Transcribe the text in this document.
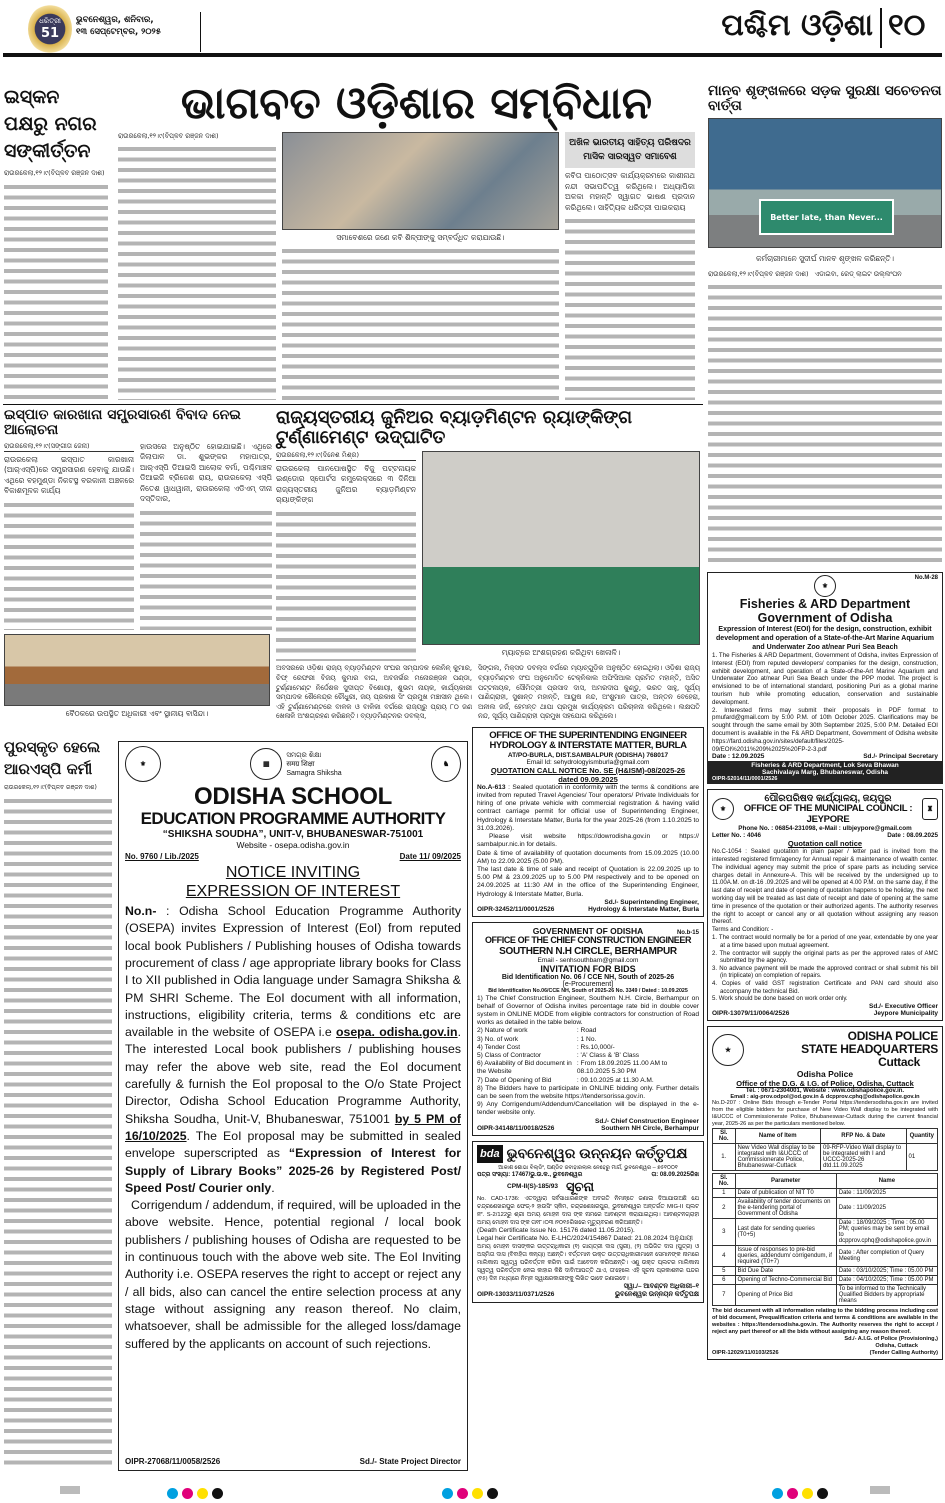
ଧରିତ୍ରୀ
51
ଭୁବନେଶ୍ୱର, ଶନିବାର,
୧୩ ସେପ୍ଟେମ୍ବର, ୨୦୨୫	ପଶ୍ଚିମ ଓଡ଼ିଶା ୧୦
ଇସ୍କନ ପକ୍ଷରୁ ନଗର ସଙ୍କୀର୍ତ୍ତନ
ରାଉରକେଲା,୧୨।୯(ବିପ୍ଳବ ରଞ୍ଜନ ଦାଶ)
ଭାଗବତ ଓଡ଼ିଶାର ସମ୍ବିଧାନ
ରାଉରକେଲା,୧୨।୯(ବିପ୍ଳବ ରଞ୍ଜନ ଦାଶ)
ସମାବେଶରେ ଜଣେ କବି ଶିଳ୍ପୀଙ୍କୁ ସମ୍ବର୍ଦ୍ଧିତ କରାଯାଉଛି।
ଅଖିଳ ଭାରତୀୟ ସାହିତ୍ୟ ପରିଷଦର ମାସିକ ସାରସ୍ୱତ ସମାବେଶ
କବିତା ପାଠୋତ୍ସବ କାର୍ଯ୍ୟକ୍ରମରେ କାଶୀନାଥ ନନ୍ଦୀ ସଭାପତିତ୍ୱ କରିଥିଲେ। ଅଧ୍ୟାପିକା ଅଳକା ମହାନ୍ତି ସ୍ୱାଗତ ଭାଷଣ ପ୍ରଦାନ କରିଥିଲେ। ସାହିତ୍ୟିକ ଧରିତ୍ରୀ ପାଇକରାୟ
ମାନବ ଶୃଙ୍ଖଳରେ ସଡ଼କ ସୁରକ୍ଷା ସଚେତନତା ବାର୍ତ୍ତା
Better late, than Never...
କର୍ମଚାରୀମାନେ ସୁଦୀର୍ଘ ମାନବ ଶୃଙ୍ଖଳ କରିଛନ୍ତି।
ରାଉରକେଲା,୧୨।୯(ବିପ୍ଳବ ରଞ୍ଜନ ଦାଶ) ଏଡାଇବା, ରେଡ୍ ଲାଇଟ ଉଲ୍ଲଂଘନ
ଇସ୍ପାତ କାରଖାନା ସମ୍ପ୍ରସାରଣ ବିବାଦ ନେଇ ଆଲୋଚନା
ରାଉରକେଲା,୧୨।୯(ସଙ୍ଗୀତା ଜେନା)
ରାଉରକେଲା ଇସ୍ପାତ କାରଖାନା (ଆର୍‌ଏସ୍‌ପି)ରେ ସମ୍ପ୍ରସାରଣ ହେବାକୁ ଯାଉଛି। ଏଥିରେ ବହମୁଣ୍ଡା ନିକଟସ୍ଥ ବରକାନୀ ଅଞ୍ଚଳରେ ବିକାଶମୂଳକ କାର୍ଯ୍ୟ
ହାଉସରେ ଅନୁଷ୍ଠିତ ହୋଇଯାଇଛି। ଏଥିରେ ଜିଲାପାଳ ଡା. ଶୁଭଙ୍କର ମହାପାତ୍ର, ଆର୍‌ଏସ୍‌ପି ଡିଆଇସି ଆଲୋକ ବର୍ମା, ପଶ୍ଚିମାଞ୍ଚଳ ଡିଆଇଜି ବ୍ରିଜେଶ ରାୟ, ରାଉରକେଲା ଏସ୍‌ପି ନିତେଶ ୱାଧୱାନୀ, ରାଉରକେଲା ଏଡିଏମ୍ ଦୀନା ଦସ୍ତିଦାର,
ବୈଠକରେ ଉପସ୍ଥିତ ଅଧିକାରୀ ଏବଂ ସ୍ଥାନୀୟ ବାସିନ୍ଦା।
ରାଜ୍ୟସ୍ତରୀୟ ଜୁନିଅର ବ୍ୟାଡ଼ମିଣ୍ଟନ ର‍୍ୟାଙ୍କିଙ୍ଗ ଟୁର୍ଣ୍ଣାମେଣ୍ଟ ଉଦ୍‌ଘାଟିତ
ରାଉରକେଲା,୧୨।୯(ଦିନେଶ ମିଶ୍ର)
ରାଉରକେଲା ପାନପୋଷସ୍ଥିତ ବିଜୁ ପଟ୍ଟନାୟକ ଇଣ୍ଡୋର ସ୍ପୋର୍ଟସ କମ୍ପ୍ଲେକ୍ସରେ ୩ ଦିନିଆ ରାଜ୍ୟସ୍ତରୀୟ ଜୁନିଅର ବ୍ୟାଡ଼ମିଣ୍ଟନ ର‍୍ୟାଙ୍କିଙ୍ଗ
ମ୍ୟାଚ୍‌ରେ ଅଂଶଗ୍ରହଣ କରିଥିବା ଖେଳାଳି।
ଅବସରରେ ଓଡ଼ିଶା ରାଜ୍ୟ ବ୍ୟାଡ଼ମିଣ୍ଟନ ସଂଘର ସମ୍ପାଦକ ଲେନିନ୍ କୁମାର, ଚିଫ୍ ରେଫରୀ ବିଜୟ କୁମାର ବାଗ, ଅବଜର୍ଭର ମନୋରଞ୍ଜନ ପଣ୍ଡା, ଟୁର୍ଣ୍ଣାମେଣ୍ଟ ନିର୍ଦ୍ଦେଶକ ସୁଦୀପ୍ତ ବିଶୋୟୀ, ଶୁଭମ ନାୟକ, କାର୍ଯ୍ୟକାରୀ ସମ୍ପାଦକ ଶୈଳେନ୍ଦ୍ର ଚୌଧୁରୀ, ଜୟ ପ୍ରକାଶ ସିଂ ପ୍ରମୁଖ ମଞ୍ଚାସୀନ ଥିଲେ। ଏହି ଟୁର୍ଣ୍ଣାମେଣ୍ଟରେ ବାଳକ ଓ ବାଳିକା ବର୍ଗରେ ରାଜ୍ୟରୁ ପ୍ରାୟ ୮୦ ଜଣ ଖେଳାଳି ଅଂଶଗ୍ରହଣ କରିଛନ୍ତି। ବ୍ୟାଡ଼ମିଣ୍ଟନର ଡବଲ୍ସ,
ସିଙ୍ଗଲ, ମିକ୍ସଡ ଡବଲ୍ସ ବର୍ଗରେ ମ୍ୟାଚ୍‌ଗୁଡ଼ିକ ଅନୁଷ୍ଠିତ ହୋଇଥିଲା। ଓଡ଼ିଶା ରାଜ୍ୟ ବ୍ୟାଡ଼ମିଣ୍ଟନ ସଂଘ ଅନୁମୋଦିତ ଟେକ୍ନିକାଲ ଅଫିସିଆଲ ପ୍ରମିତ ମହାନ୍ତି, ଅସିତ ପଟ୍ଟନାୟକ, ସୌମିତ୍ରୀ ପ୍ରସାଦ ଦାସ, ଅମରଦୀପ କୁଣ୍ଡୁ, ଭରତ ସାହୁ, ସୂର୍ଯ୍ୟ ପାଣିଗ୍ରାହୀ, ସୁଶାନ୍ତ ମହାନ୍ତି, ଆୟୁଷ ନନ୍ଦ, ଅଂଶୁମାନ ପାତ୍ର, ଅନ୍ତନ ବେହେରା, ଅନୀଲ ଜର୍ଜ, ହେମନ୍ତ ଥାପା ପ୍ରମୁଖ କାର୍ଯ୍ୟକ୍ରମ ପରିଚାଳନା କରିଥିଲେ। ଲକ୍ଷପତି ନନ୍ଦ, ସୂର୍ଯ୍ୟ ପାଣିଗ୍ରାହୀ ପ୍ରମୁଖ ସହଯୋଗ କରିଥିଲେ।
ପୁରସ୍କୃତ ହେଲେ ଆରଏସ୍‌ପି କର୍ମୀ
ରାଉରକେଲା,୧୨।୯(ବିପ୍ଳବ ରଞ୍ଜନ ଦାଶ)
⚜	▦
ସମଗ୍ର ଶିକ୍ଷା
समग्र शिक्षा
Samagra Shiksha
♞
ODISHA SCHOOL
EDUCATION PROGRAMME AUTHORITY
“SHIKSHA SOUDHA”, UNIT-V, BHUBANESWAR-751001
Website - osepa.odisha.gov.in
No. 9760 / Lib./2025	Date 11/ 09/2025
NOTICE INVITING
EXPRESSION OF INTEREST

No.n- : Odisha School Education Programme Authority (OSEPA) invites Expression of Interest (EoI) from reputed local book Publishers / Publishing houses of Odisha towards procurement of class / age appropriate library books for Class I to XII published in Odia language under Samagra Shiksha & PM SHRI Scheme. The EoI document with all information, instructions, eligibility criteria, terms & conditions etc are available in the website of OSEPA i.e osepa. odisha.gov.in. The interested Local book publishers / publishing houses may refer the above web site, read the EoI document carefully & furnish the EoI proposal to the O/o State Project Director, Odisha School Education Programme Authority, Shiksha Soudha, Unit-V, Bhubaneswar, 751001 by 5 PM of 16/10/2025. The EoI proposal may be submitted in sealed envelope superscripted as “Expression of Interest for Supply of Library Books” 2025-26 by Registered Post/ Speed Post/ Courier only.

Corrigendum / addendum, if required, will be uploaded in the above website. Hence, potential regional / local book publishers / publishing houses of Odisha are requested to be in continuous touch with the above web site. The EoI Inviting Authority i.e. OSEPA reserves the right to accept or reject any / all bids, also can cancel the entire selection process at any stage without assigning any reason thereof. No claim, whatsoever, shall be admissible for the alleged loss/damage suffered by the applicants on account of such rejections.

OIPR-27068/11/0058/2526	Sd./- State Project Director
OFFICE OF THE SUPERINTENDING ENGINEER
HYDROLOGY & INTERSTATE MATTER, BURLA
AT/PO-BURLA, DIST.SAMBALPUR (ODISHA) 768017
Email Id: sehydrologyismburla@gmail.com
QUOTATION CALL NOTICE No. SE (H&ISM)-08/2025-26
dated 09.09.2025

No.A-613 : Sealed quotation in conformity with the terms & conditions are invited from reputed Travel Agencies/ Tour operators/ Private Individuals for hiring of one private vehicle with commercial registration & having valid contract carriage permit for official use of Superintending Engineer, Hydrology & Interstate Matter, Burla for the year 2025-26 (from 1.10.2025 to 31.03.2026).

Please visit website https://dowrodisha.gov.in or https:// sambalpur.nic.in for details.

Date & time of availability of quotation documents from 15.09.2025 (10.00 AM) to 22.09.2025 (5.00 PM).

The last date & time of sale and receipt of Quotation is 22.09.2025 up to 5.00 PM & 23.09.2025 up to 5.00 PM respectively and to be opened on 24.09.2025 at 11:30 AM in the office of the Superintending Engineer, Hydrology & Interstate Matter, Burla.

Sd./- Superintending Engineer,
OIPR-32452/11/0001/2526	Hydrology & Interstate Matter, Burla
GOVERNMENT OF ODISHA	No.b-15
OFFICE OF THE CHIEF CONSTRUCTION ENGINEER
SOUTHERN N.H CIRCLE, BERHAMPUR
Email - senhsouthbam@gmail.com
INVITATION FOR BIDS
Bid Identification No. 06 / CCE NH, South of 2025-26
[e-Procurement]
Bid Identification No.06/CCE NH, South of 2025-26 No. 3349 / Dated : 10.09.2025

1) The Chief Construction Engineer, Southern N.H. Circle, Berhampur on behalf of Governor of Odisha invites percentage rate bid in double cover system in ONLINE MODE from eligible contractors for construction of Road works as detailed in the table below.

2) Nature of work	: Road
3) No. of work	: 1 No.
4) Tender Cost	: Rs.10,000/-
5) Class of Contractor	: 'A' Class & 'B' Class
6) Availability of Bid document in the Website
: From 18.09.2025 11.00 AM to 08.10.2025 5.30 PM
7) Date of Opening of Bid	: 09.10.2025 at 11.30 A.M.

8) The Bidders have to participate in ONLINE bidding only. Further details can be seen from the website https://tendersorissa.gov.in.

9) Any Corrigendum/Addendum/Cancellation will be displayed in the e-tender website only.

Sd./- Chief Construction Engineer
OIPR-34148/11/0018/2526	Southern NH Circle, Berhampur
bda ଭୁବନେଶ୍ୱର ଉନ୍ନୟନ କର୍ତ୍ତୃପକ୍ଷ
ଆକାଶ ଶୋଭା ବିଲ୍ଡିଂ, ପଣ୍ଡିତ ଜବାହାରଲାଲ ନେହେରୁ ମାର୍ଗ, ଭୁବନେଶ୍ୱର – ୭୫୧୦୦୧
ପତ୍ର ସଂଖ୍ୟା: 17467/ଭୁ.ଉ.କ., ଭୁବନେଶ୍ୱର	ତା: 08.09.2025ରିଖ
CPM-II(S)-185/93 ସୂଚନା

No. CAD-1736: ଏତଦ୍ୱାରା ସର୍ବସାଧାରଣଙ୍କ ଅବଗତି ନିମନ୍ତେ ଜଣାଇ ଦିଆଯାଉଅଛି ଯେ ଚନ୍ଦ୍ରଶେଖରପୁର ଫେଜ୍-୨ ହାଉସିଂ ସ୍କିମ, ଚନ୍ଦ୍ରଶେଖରପୁର, ଭୁବନେଶ୍ୱର ଅନ୍ତର୍ଗତ MIG-II ପ୍ଲଟ ନଂ. S-2/122ରୁ ଶ୍ରୀ ଅମୟ ମୋହନ ଦାସ ଙ୍କ ନାମରେ ଆବଣ୍ଟନ କରାଯାଇଥିଲା। ଆବଣ୍ଟନଗ୍ରାହୀ ଅମୟ ମୋହନ ଦାସ ଙ୍କ ତା୧୮।୦୩।୨୦୧୫ରିଖରେ ମୃତ୍ୟୁବରଣ କରିଅଛନ୍ତି।

(Death Certificate Issue No. 15176 dated 11.05.2015).

Legal heir Certificate No. E-LHC/2024/154867 Dated: 21.08.2024 ଅନୁଯାୟୀ

ଅମୟ ମୋହନ ଦାସଙ୍କର ଉତ୍ତରାଧିକାରୀ (୧) ଗାୟତ୍ରୀ ଦାସ (ସ୍ତ୍ରୀ), (୨) ଅଭିଜିତ ଦାସ (ପୁତ୍ର) ଓ ଅସ୍ମିତା ଦାସ (ବିବାହିତା କନ୍ୟା) ଅଛନ୍ତି। ବର୍ତ୍ତମାନ ଉକ୍ତ ଉତ୍ତରାଧିକାରୀମାନେ ସେମାନଙ୍କ ନାମରେ ମାଲିକାନା ସ୍ୱତ୍ୱ ପରିବର୍ତ୍ତନ କରିବା ପାଇଁ ଆବେଦନ କରିଅଛନ୍ତି। ଏଣୁ ଉକ୍ତ ପ୍ଲଟର ମାଲିକାନା ସ୍ୱତ୍ୱ ପରିବର୍ତ୍ତନ ନେଇ କାହାର କିଛି ଦାବି/ଆପତ୍ତି ଥାଏ, ତା'ହେଲେ ଏହି ସୂଚନା ପ୍ରକାଶନର ପନ୍ଦର (୧୫) ଦିନ ମଧ୍ୟରେ ନିମ୍ନ ସ୍ୱାକ୍ଷରକାରୀଙ୍କୁ ଲିଖିତ ଭାବେ ଜଣାଇବେ।

ସ୍ୱା./– ଆବଣ୍ଟନ ଅଧିକାରୀ–୧
OIPR-13033/11/0371/2526	ଭୁବନେଶ୍ୱର ଉନ୍ନୟନ କର୍ତ୍ତୃପକ୍ଷ
⚜
No.M-28
Fisheries & ARD Department
Government of Odisha
Expression of Interest (EOI) for the design, construction, exhibit development and operation of a State-of-the-Art Marine Aquarium and Underwater Zoo at/near Puri Sea Beach

1. The Fisheries & ARD Department, Government of Odisha, invites Expression of Interest (EOI) from reputed developers/ companies for the design, construction, exhibit development, and operation of a State-of-the-Art Marine Aquarium and Underwater Zoo at/near Puri Sea Beach under the PPP model. The project is envisioned to be of international standard, positioning Puri as a global marine tourism hub while promoting education, conservation and sustainable development.

2. Interested firms may submit their proposals in PDF format to pmufard@gmail.com by 5:00 P.M. of 10th October 2025. Clarifications may be sought through the same email by 30th September 2025, 5:00 P.M. Detailed EOI document is available in the F& ARD Department, Government of Odisha website https://fard.odisha.gov.in/sites/default/files/2025-09/EOI%2011%209%2025%20FP-2-3.pdf

Date : 12.09.2025	Sd./- Principal Secretary
Fisheries & ARD Department, Lok Seva Bhawan
Sachivalaya Marg, Bhubaneswar, Odisha
OIPR-52014/11/0001/2526
⚜
ପୌରପରିଷଦ କାର୍ଯ୍ୟାଳୟ, ଜୟପୁର
OFFICE OF THE MUNICIPAL COUNCIL : JEYPORE
♜
Phone No. : 06854-231098, e-Mail : ulbjeypore@gmail.com
Letter No. : 4046	Date : 08.09.2025
Quotation call notice

No.C-1054 : Sealed quotation in plain paper / letter pad is invited from the interested registered firm/agency for Annual repair & maintenance of wealth center. The individual agency may submit the price of spare parts as including service charges detail in Annexure-A. This will be received by the undersigned up to 11.00A.M. on dt-16 .09.2025 and will be opened at 4.00 P.M. on the same day, if the last date of receipt and date of opening of quotation happens to be holiday, the next working day will be treated as last date of receipt and date of opening at the same time in presence of the quotation or their authorized agents. The authority reserves the right to accept or cancel any or all quotation without assigning any reason thereof.

Terms and Condition: -

1. The contract would normally be for a period of one year, extendable by one year at a time based upon mutual agreement.

2. The contractor will supply the original parts as per the approved rates of AMC submitted by the agency.

3. No advance payment will be made the approved contract or shall submit his bill (in triplicate) on completion of repairs.

4. Copies of valid GST registration Certificate and PAN card should also accompany the technical Bid.

5. Work should be done based on work order only.

Sd./- Executive Officer
OIPR-13079/11/0064/2526	Jeypore Municipality
★
ODISHA POLICE
STATE HEADQUARTERS
Cuttack
Odisha Police
Office of the D.G. & I.G. of Police, Odisha, Cuttack
Tel. : 0671-2304001, Website : www.odishapolice.gov.in.
Email : aig-prov.odpol@od.gov.in & dcpprov.cphq@odishapolice.gov.in

No.D-207 : Online Bids through e-Tender Portal https://tendersodisha.gov.in are invited from the eligible bidders for purchase of New Video Wall display to be integrated with I&UCCC of Commissionerate Police, Bhubaneswar-Cuttack during the current financial year, 2025-26 as per the particulars mentioned below.

Sl. No.	Name of Item	RFP No. & Date	Quantity
1.	New Video Wall display to be integrated with I&UCCC of Commissionerate Police, Bhubaneswar-Cuttack	09-RFP-Video Wall display to be integrated with I and UCCC-2025-26 dtd.11.09.2025	01
Sl. No.	Parameter	Name
1	Date of publication of NIT T0	Date : 11/09/2025
2	Availability of tender documents on the e-tendering portal of Government of Odisha	Date : 11/09/2025
3	Last date for sending queries (T0+5)	Date : 18/09/2025 ; Time : 05.00 PM; queries may be sent by email to dcpprov.cphq@odishapolice.gov.in
4	Issue of responses to pre-bid queries, addendum/ corrigendum, if required (T0+7)	Date : After completion of Query Meeting
5	Bid Due Date	Date : 03/10/2025; Time : 05.00 PM
6	Opening of Techno-Commercial Bid	Date : 04/10/2025; Time : 05.00 PM
7	Opening of Price Bid	To be informed to the Technically Qualified Bidders by appropriate means

The bid document with all information relating to the bidding process including cost of bid document, Prequalification criteria and terms & conditions are available in the websites : https://tendersodisha.gov.in. The Authority reserves the right to accept / reject any part thereof or all the bids without assigning any reason thereof.

Sd./- A.I.G. of Police (Provisioning,)
Odisha, Cuttack
OIPR-12029/11/0103/2526	(Tender Calling Authority)
